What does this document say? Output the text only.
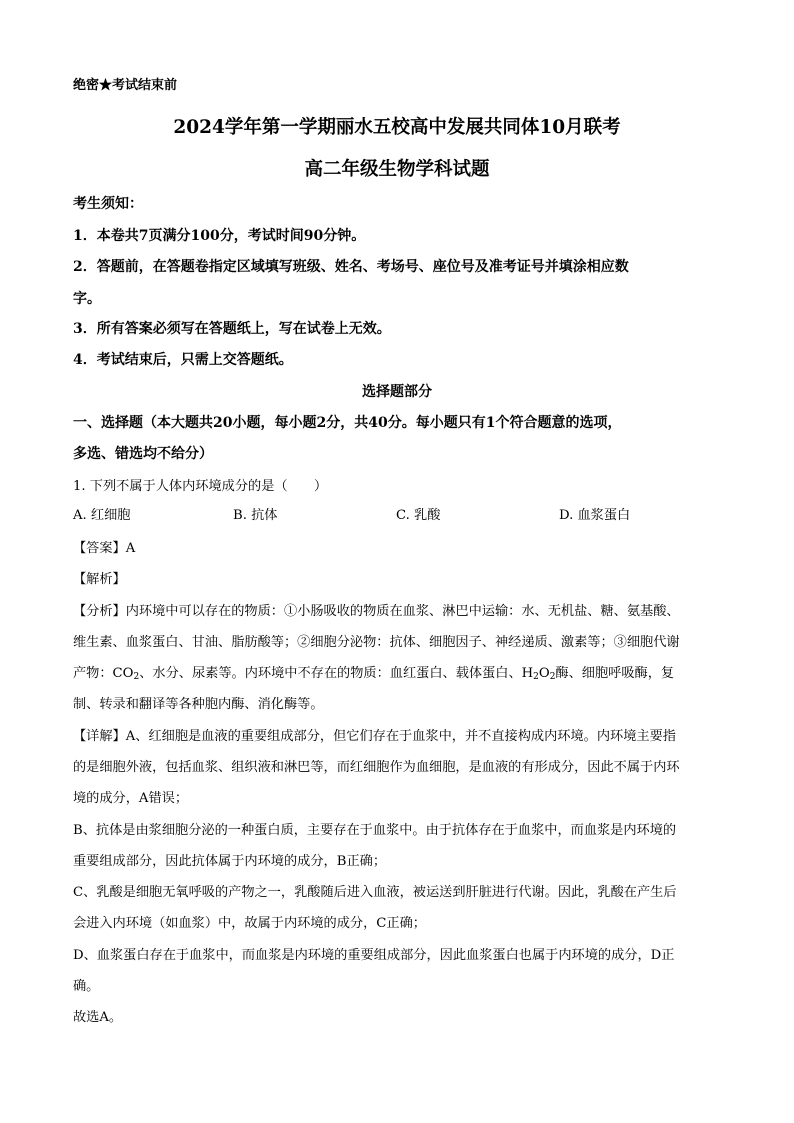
绝密★考试结束前
2024学年第一学期丽水五校高中发展共同体10月联考
高二年级生物学科试题
考生须知：
1．本卷共7页满分100分，考试时间90分钟。
2．答题前，在答题卷指定区域填写班级、姓名、考场号、座位号及准考证号并填涂相应数
字。
3．所有答案必须写在答题纸上，写在试卷上无效。
4．考试结束后，只需上交答题纸。
选择题部分
一、选择题（本大题共20小题，每小题2分，共40分。每小题只有1个符合题意的选项，
多选、错选均不给分）
1. 下列不属于人体内环境成分的是（　　）
A. 红细胞	B. 抗体	C. 乳酸	D. 血浆蛋白
【答案】A
【解析】
【分析】内环境中可以存在的物质：①小肠吸收的物质在血浆、淋巴中运输：水、无机盐、糖、氨基酸、
维生素、血浆蛋白、甘油、脂肪酸等；②细胞分泌物：抗体、细胞因子、神经递质、激素等；③细胞代谢
产物：$CO_2$、水分、尿素等。内环境中不存在的物质：血红蛋白、载体蛋白、$H_2O_2$酶、细胞呼吸酶，复
制、转录和翻译等各种胞内酶、消化酶等。
【详解】A、红细胞是血液的重要组成部分，但它们存在于血浆中，并不直接构成内环境。内环境主要指
的是细胞外液，包括血浆、组织液和淋巴等，而红细胞作为血细胞，是血液的有形成分，因此不属于内环
境的成分，A错误；
B、抗体是由浆细胞分泌的一种蛋白质，主要存在于血浆中。由于抗体存在于血浆中，而血浆是内环境的
重要组成部分，因此抗体属于内环境的成分，B正确；
C、乳酸是细胞无氧呼吸的产物之一，乳酸随后进入血液，被运送到肝脏进行代谢。因此，乳酸在产生后
会进入内环境（如血浆）中，故属于内环境的成分，C正确；
D、血浆蛋白存在于血浆中，而血浆是内环境的重要组成部分，因此血浆蛋白也属于内环境的成分，D正
确。
故选A。
